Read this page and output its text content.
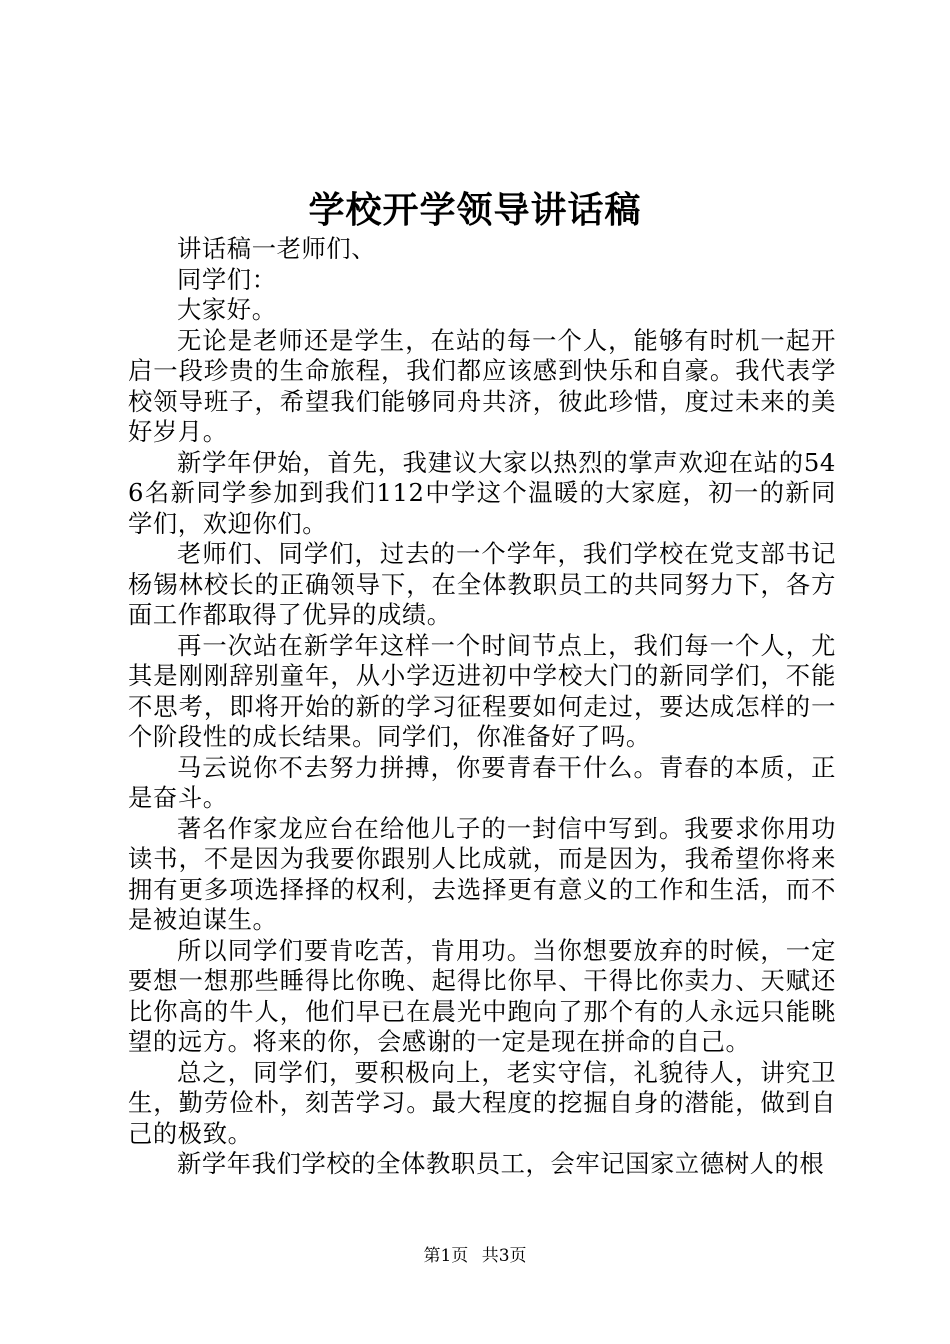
学校开学领导讲话稿

讲话稿一老师们、

同学们：

大家好。

无论是老师还是学生，在站的每一个人，能够有时机一起开启一段珍贵的生命旅程，我们都应该感到快乐和自豪。我代表学校领导班子，希望我们能够同舟共济，彼此珍惜，度过未来的美好岁月。

新学年伊始，首先，我建议大家以热烈的掌声欢迎在站的546名新同学参加到我们112中学这个温暖的大家庭，初一的新同学们，欢迎你们。

老师们、同学们，过去的一个学年，我们学校在党支部书记杨锡林校长的正确领导下，在全体教职员工的共同努力下，各方面工作都取得了优异的成绩。

再一次站在新学年这样一个时间节点上，我们每一个人，尤其是刚刚辞别童年，从小学迈进初中学校大门的新同学们，不能不思考，即将开始的新的学习征程要如何走过，要达成怎样的一个阶段性的成长结果。同学们，你准备好了吗。

马云说你不去努力拼搏，你要青春干什么。青春的本质，正是奋斗。

著名作家龙应台在给他儿子的一封信中写到。我要求你用功读书，不是因为我要你跟别人比成就，而是因为，我希望你将来拥有更多项选择择的权利，去选择更有意义的工作和生活，而不是被迫谋生。

所以同学们要肯吃苦，肯用功。当你想要放弃的时候，一定要想一想那些睡得比你晚、起得比你早、干得比你卖力、天赋还比你高的牛人，他们早已在晨光中跑向了那个有的人永远只能眺望的远方。将来的你，会感谢的一定是现在拼命的自己。

总之，同学们，要积极向上，老实守信，礼貌待人，讲究卫生，勤劳俭朴，刻苦学习。最大程度的挖掘自身的潜能，做到自己的极致。

新学年我们学校的全体教职员工，会牢记国家立德树人的根

第1页 共3页
